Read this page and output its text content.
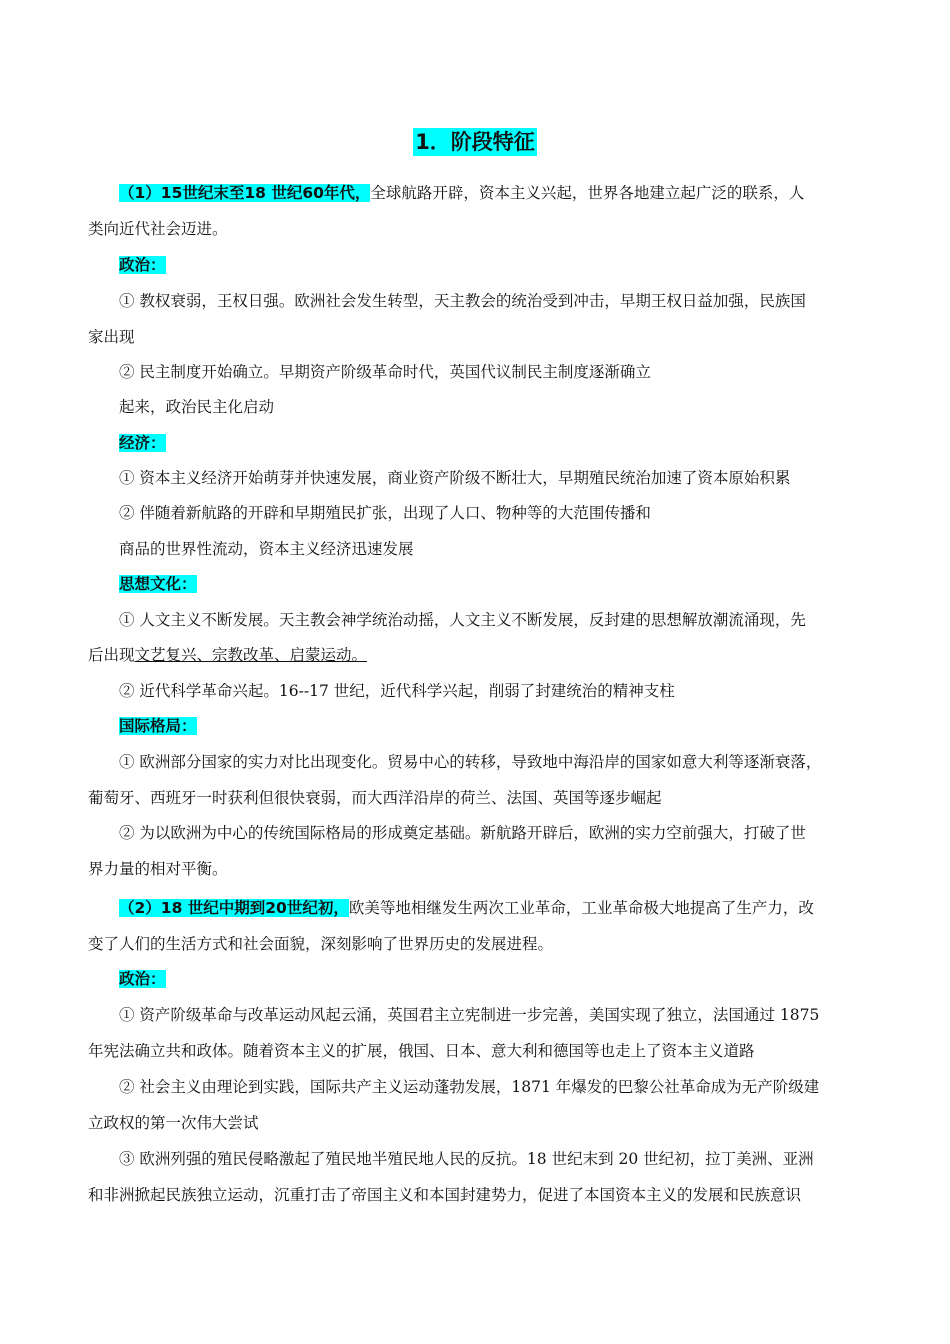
1．阶段特征
（1）15世纪末至18 世纪60年代，全球航路开辟，资本主义兴起，世界各地建立起广泛的联系，人
类向近代社会迈进。
政治：
① 教权衰弱，王权日强。欧洲社会发生转型，天主教会的统治受到冲击，早期王权日益加强，民族国
家出现
② 民主制度开始确立。早期资产阶级革命时代，英国代议制民主制度逐渐确立
起来，政治民主化启动
经济：
① 资本主义经济开始萌芽并快速发展，商业资产阶级不断壮大，早期殖民统治加速了资本原始积累
② 伴随着新航路的开辟和早期殖民扩张，出现了人口、物种等的大范围传播和
商品的世界性流动，资本主义经济迅速发展
思想文化：
① 人文主义不断发展。天主教会神学统治动摇，人文主义不断发展，反封建的思想解放潮流涌现，先
后出现文艺复兴、宗教改革、启蒙运动。
② 近代科学革命兴起。16--17 世纪，近代科学兴起，削弱了封建统治的精神支柱
国际格局：
① 欧洲部分国家的实力对比出现变化。贸易中心的转移，导致地中海沿岸的国家如意大利等逐渐衰落，
葡萄牙、西班牙一时获利但很快衰弱，而大西洋沿岸的荷兰、法国、英国等逐步崛起
② 为以欧洲为中心的传统国际格局的形成奠定基础。新航路开辟后，欧洲的实力空前强大，打破了世
界力量的相对平衡。
（2）18 世纪中期到20世纪初，欧美等地相继发生两次工业革命，工业革命极大地提高了生产力，改
变了人们的生活方式和社会面貌，深刻影响了世界历史的发展进程。
政治：
① 资产阶级革命与改革运动风起云涌，英国君主立宪制进一步完善，美国实现了独立，法国通过 1875
年宪法确立共和政体。随着资本主义的扩展，俄国、日本、意大利和德国等也走上了资本主义道路
② 社会主义由理论到实践，国际共产主义运动蓬勃发展，1871 年爆发的巴黎公社革命成为无产阶级建
立政权的第一次伟大尝试
③ 欧洲列强的殖民侵略激起了殖民地半殖民地人民的反抗。18 世纪末到 20 世纪初，拉丁美洲、亚洲
和非洲掀起民族独立运动，沉重打击了帝国主义和本国封建势力，促进了本国资本主义的发展和民族意识
